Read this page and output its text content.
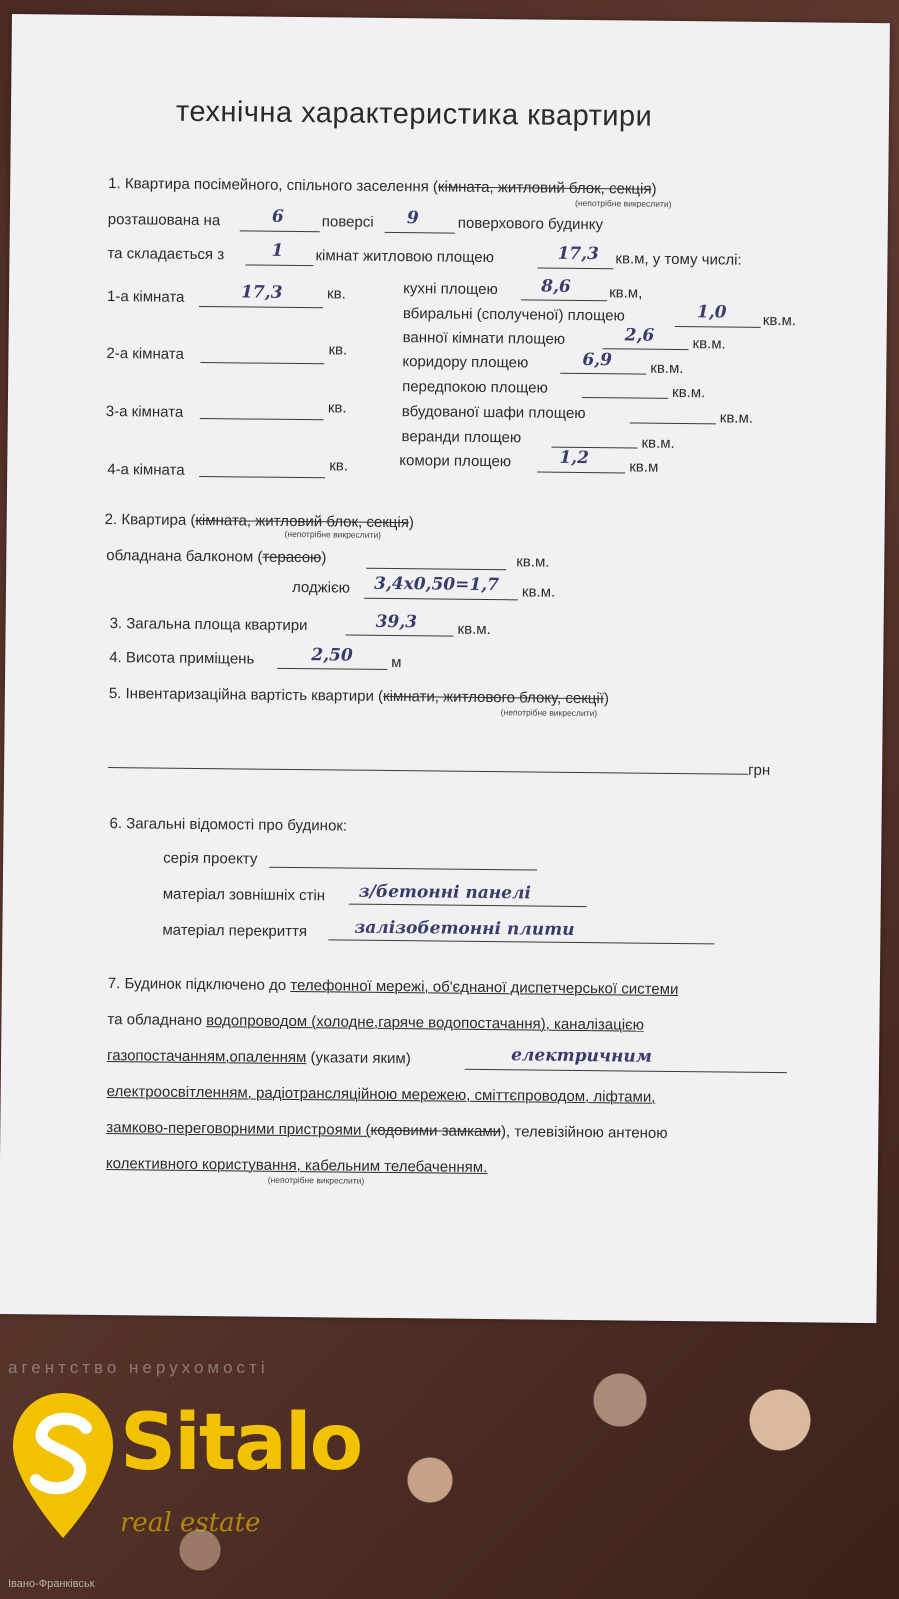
технічна характеристика квартири
1. Квартира посімейного, спільного заселення (кімната, житловий блок, секція)
(непотрібне викреслити)
розташована на	6	поверсі 9	поверхового будинку
та складається з	1 кімнат житловою площею	17,3 кв.м, у тому числі:
1-а кімната	17,3	кв.
2-а кімната	кв.
3-а кімната	кв.
4-а кімната	кв.
кухні площею	8,6	кв.м,
вбиральні (сполученої) площею	1,0 кв.м.
ванної кімнати площею	2,6	кв.м.
коридору площею	6,9	кв.м.
передпокою площею	кв.м.
вбудованої шафи площею	кв.м.
веранди площею	кв.м.
комори площею	1,2	кв.м
2. Квартира (кімната, житловий блок, секція)
(непотрібне викреслити)
обладнана балконом (терасою)	кв.м.
лоджією 3,4x0,50=1,7 кв.м.
3. Загальна площа квартири	39,3	кв.м.
4. Висота приміщень	2,50	м
5. Інвентаризаційна вартість квартири (кімнати, житлового блоку, секції)
(непотрібне викреслити)
грн
6. Загальні відомості про будинок:
серія проекту
матеріал зовнішніх стін з/бетонні панелі
матеріал перекриття	залізобетонні плити
7. Будинок підключено до телефонної мережі, об'єднаної диспетчерської системи
та обладнано водопроводом (холодне,гаряче водопостачання), каналізацією
газопостачанням,опаленням (указати яким)	електричним
електроосвітленням, радіотрансляційною мережею, сміттєпроводом, ліфтами,
замково-переговорними пристроями (кодовими замками), телевізійною антеною
колективного користування, кабельним телебаченням.
(непотрібне викреслити)
агентство нерухомості
Sitalo
real estate
Івано-Франківськ
